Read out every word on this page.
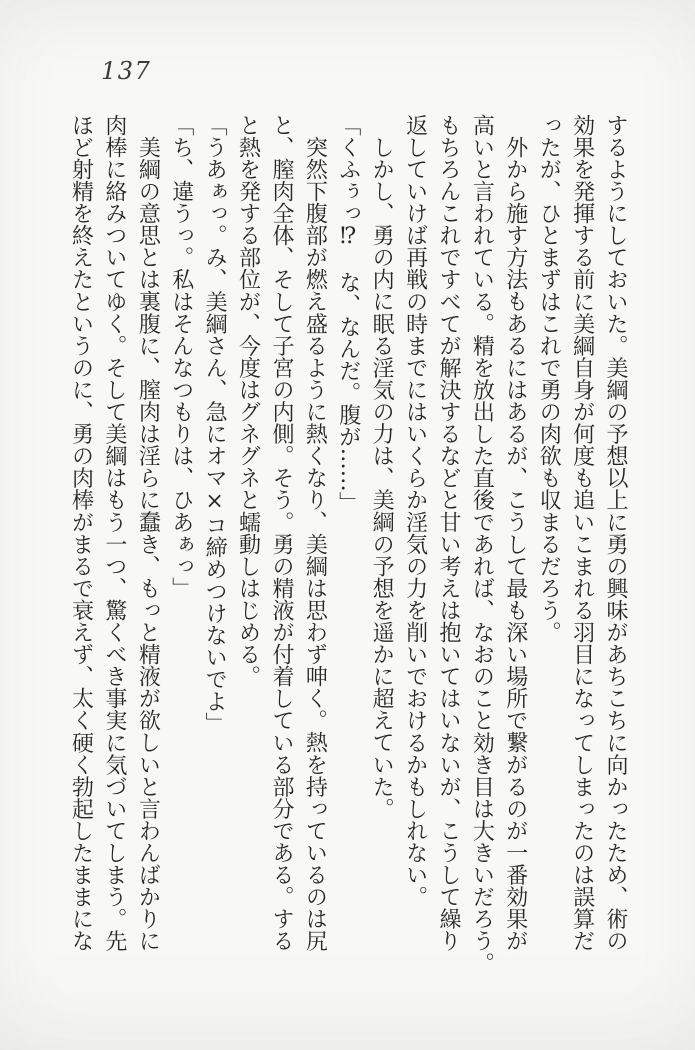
137

するようにしておいた。美綱の予想以上に勇の興味があちこちに向かったため、術の

効果を発揮する前に美綱自身が何度も追いこまれる羽目になってしまったのは誤算だ

ったが、ひとまずはこれで勇の肉欲も収まるだろう。

外から施す方法もあるにはあるが、こうして最も深い場所で繋がるのが一番効果が

高いと言われている。精を放出した直後であれば、なおのこと効き目は大きいだろう。

もちろんこれですべてが解決するなどと甘い考えは抱いてはいないが、こうして繰り

返していけば再戦の時までにはいくらか淫気の力を削いでおけるかもしれない。

しかし、勇の内に眠る淫気の力は、美綱の予想を遥かに超えていた。

「くふぅっ⁉　な、なんだ。腹が……」

突然下腹部が燃え盛るように熱くなり、美綱は思わず呻く。熱を持っているのは尻

と、膣肉全体、そして子宮の内側。そう。勇の精液が付着している部分である。する

と熱を発する部位が、今度はグネグネと蠕動しはじめる。

「うあぁっ。み、美綱さん、急にオマ×コ締めつけないでよ」

「ち、違うっ。私はそんなつもりは、ひあぁっ」

美綱の意思とは裏腹に、膣肉は淫らに蠢き、もっと精液が欲しいと言わんばかりに

肉棒に絡みついてゆく。そして美綱はもう一つ、驚くべき事実に気づいてしまう。先

ほど射精を終えたというのに、勇の肉棒がまるで衰えず、太く硬く勃起したままにな
